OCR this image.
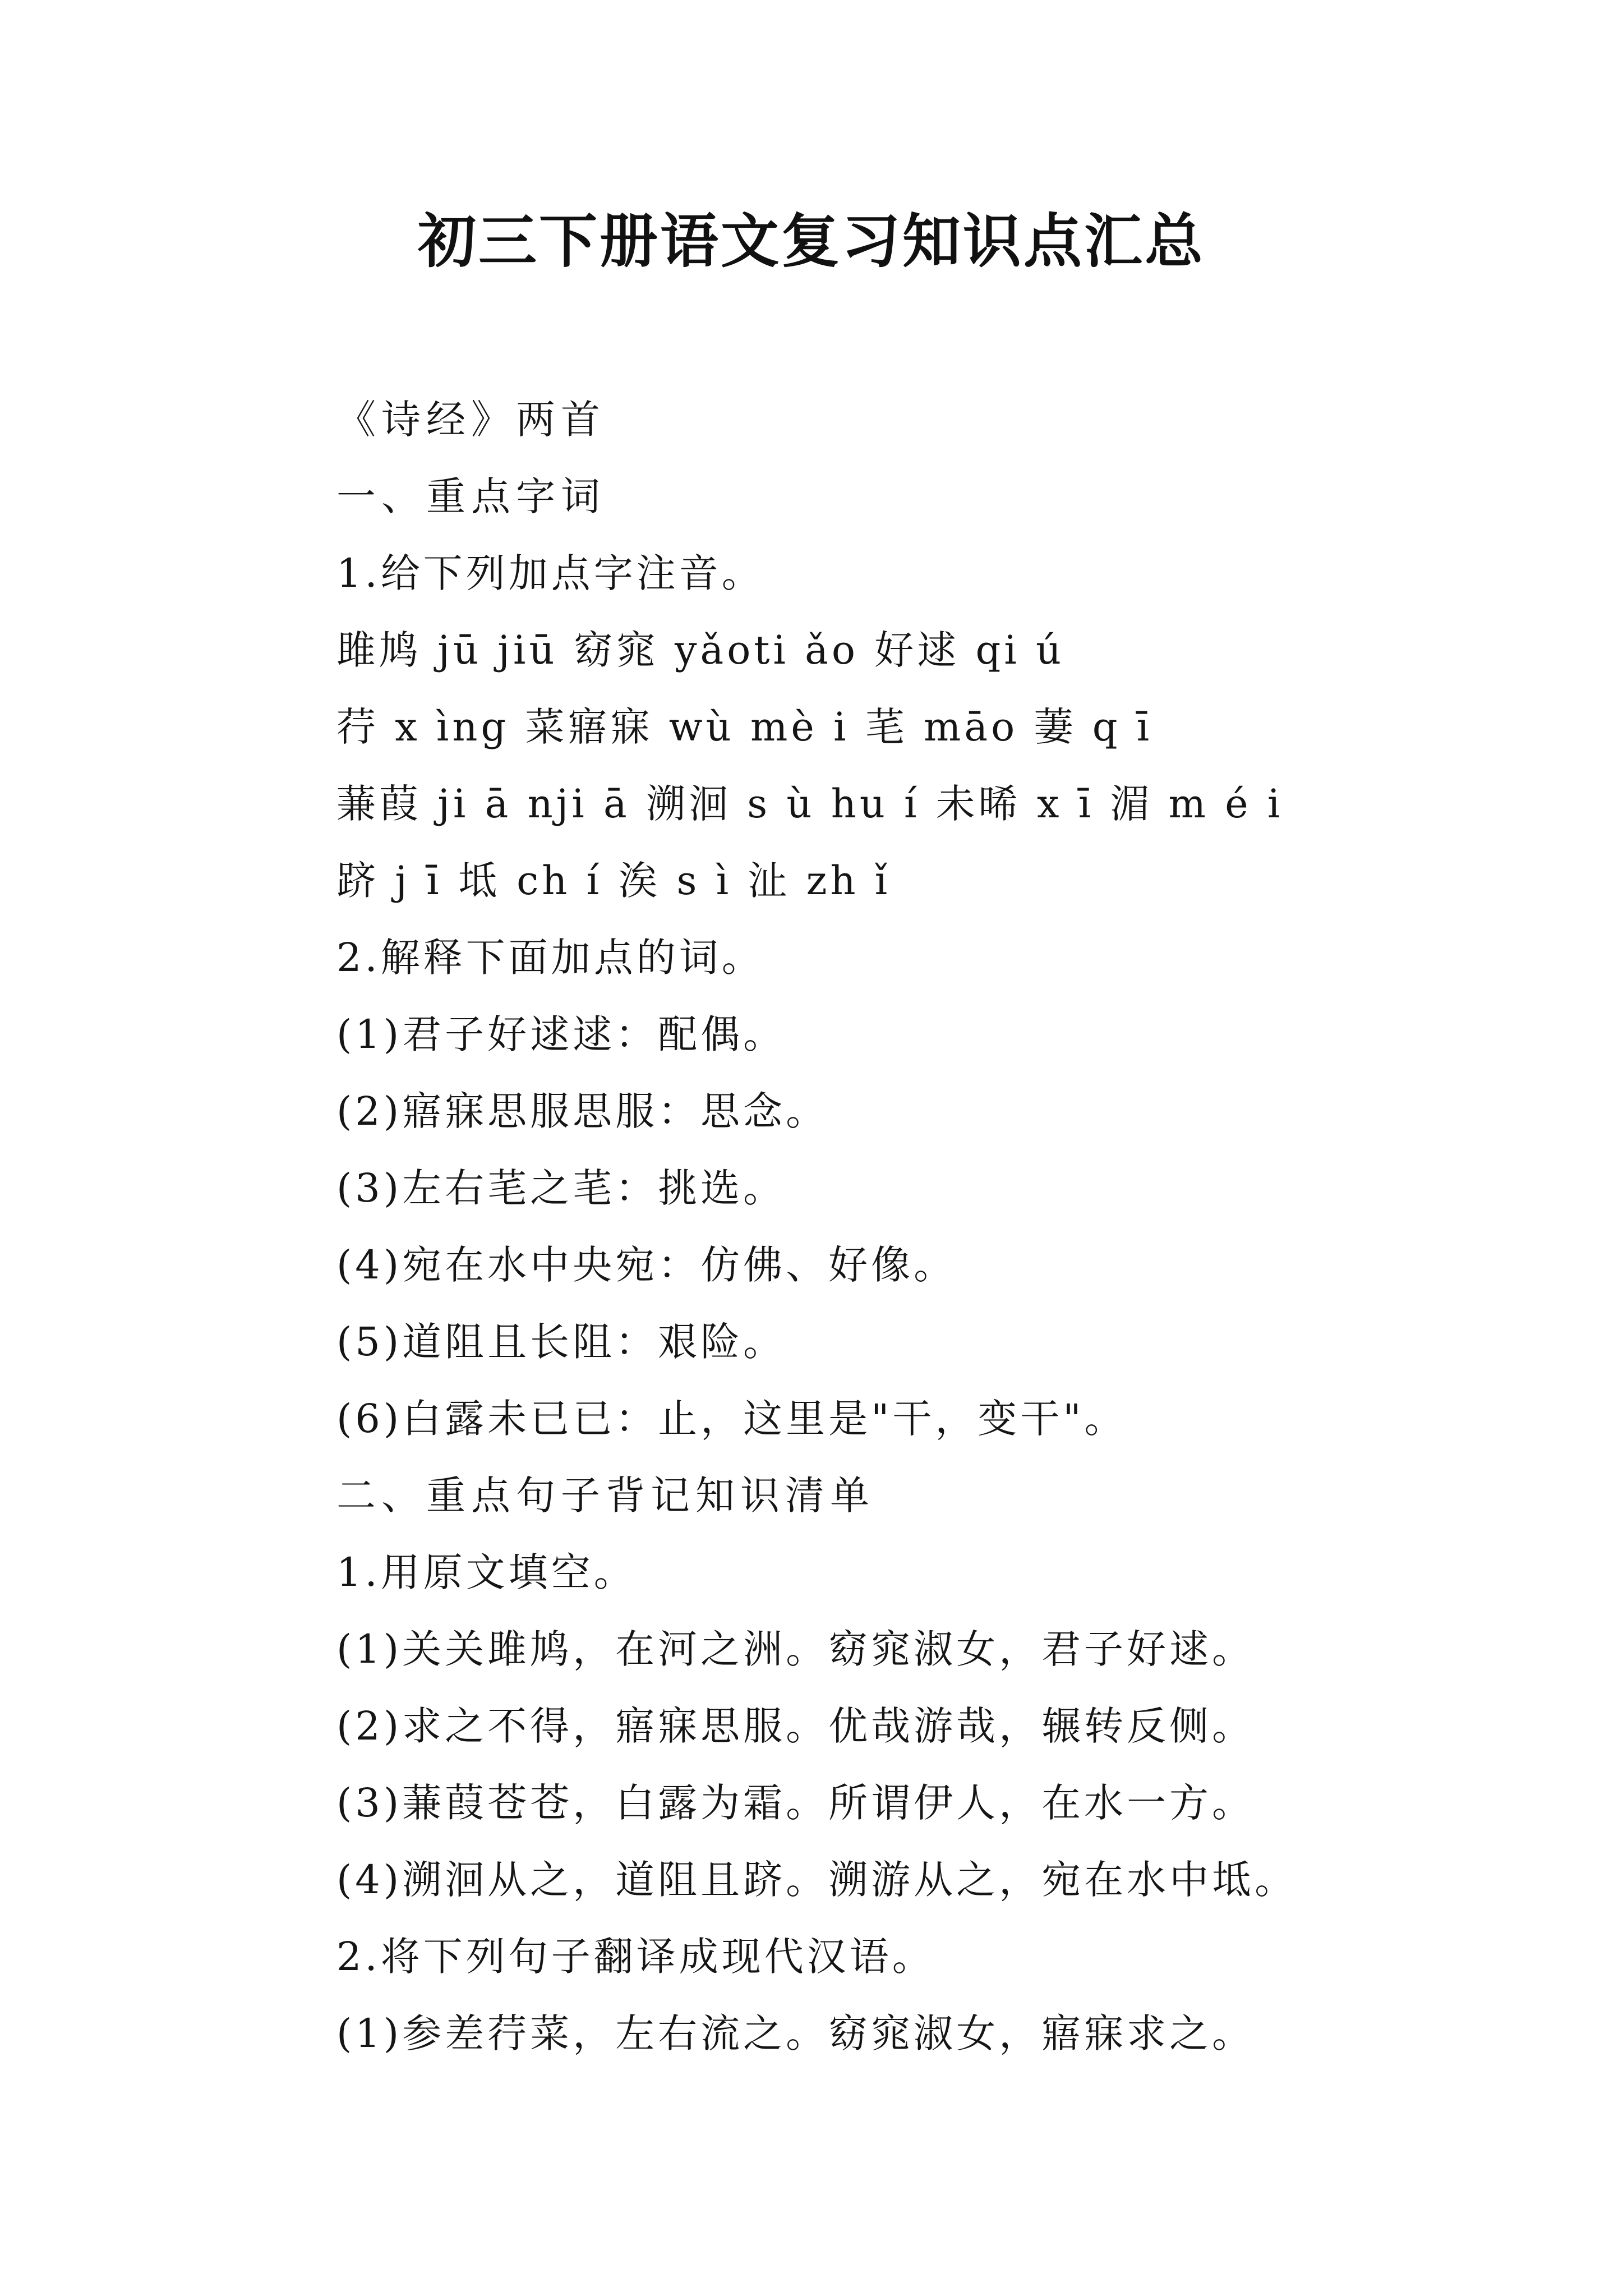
初三下册语文复习知识点汇总
《诗经》两首
一、重点字词
1.给下列加点字注音。
雎鸠 jū jiū 窈窕 yǎoti ǎo 好逑 qi ú
荇 x ìng 菜寤寐 wù mè i 芼 māo 萋 q ī
蒹葭 ji ā nji ā 溯洄 s ù hu í 未晞 x ī 湄 m é i
跻 j ī 坻 ch í 涘 s ì 沚 zh ǐ
2.解释下面加点的词。
(1)君子好逑逑：配偶。
(2)寤寐思服思服：思念。
(3)左右芼之芼：挑选。
(4)宛在水中央宛：仿佛、好像。
(5)道阻且长阻：艰险。
(6)白露未已已：止，这里是"干，变干"。
二、重点句子背记知识清单
1.用原文填空。
(1)关关雎鸠，在河之洲。窈窕淑女，君子好逑。
(2)求之不得，寤寐思服。优哉游哉，辗转反侧。
(3)蒹葭苍苍，白露为霜。所谓伊人，在水一方。
(4)溯洄从之，道阻且跻。溯游从之，宛在水中坻。
2.将下列句子翻译成现代汉语。
(1)参差荇菜，左右流之。窈窕淑女，寤寐求之。
